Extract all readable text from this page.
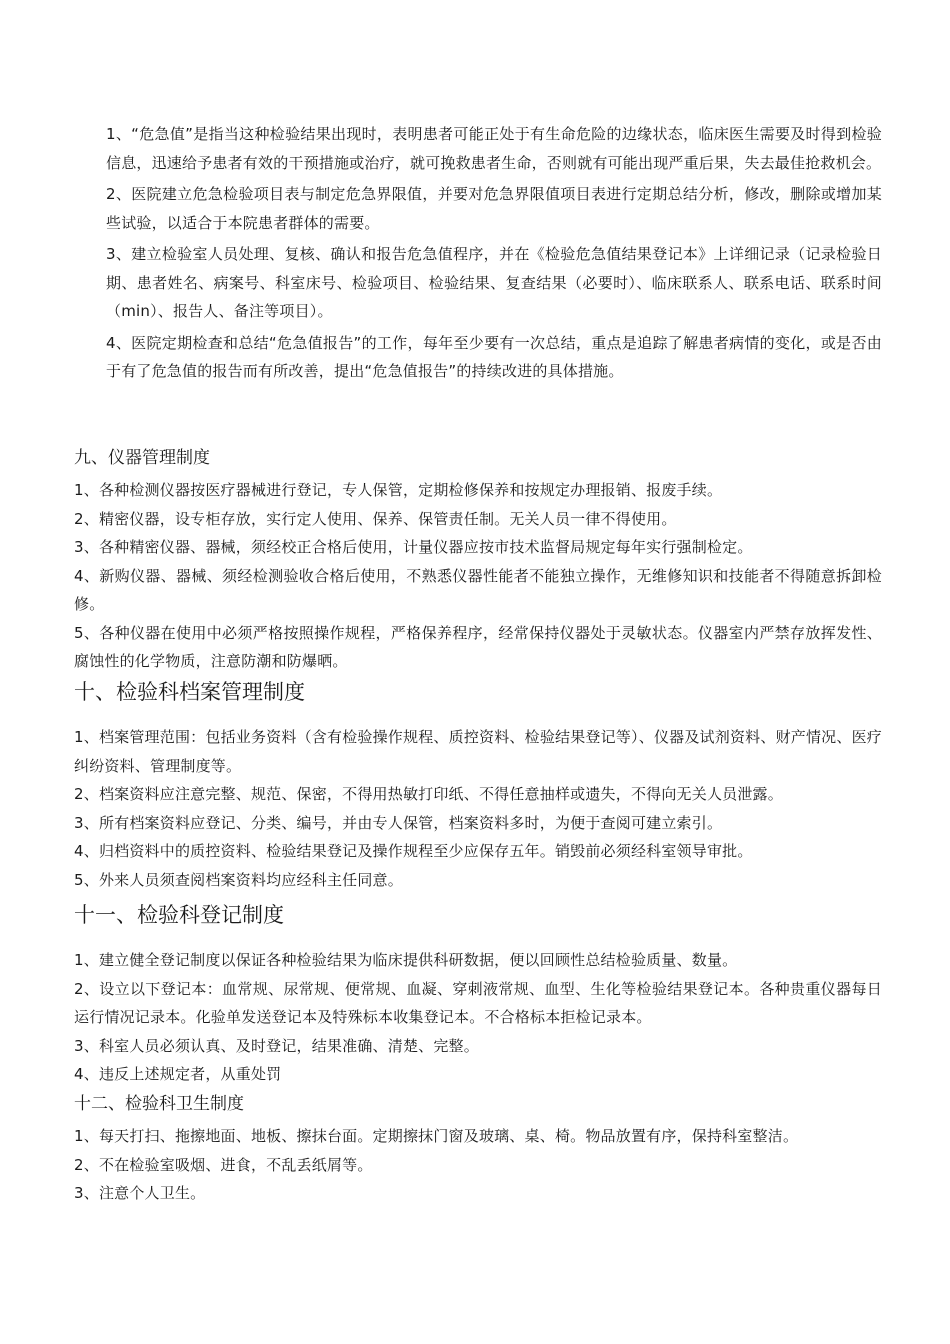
1、“危急值”是指当这种检验结果出现时，表明患者可能正处于有生命危险的边缘状态，临床医生需要及时得到检验信息，迅速给予患者有效的干预措施或治疗，就可挽救患者生命，否则就有可能出现严重后果，失去最佳抢救机会。

2、医院建立危急检验项目表与制定危急界限值，并要对危急界限值项目表进行定期总结分析，修改，删除或增加某些试验，以适合于本院患者群体的需要。

3、建立检验室人员处理、复核、确认和报告危急值程序，并在《检验危急值结果登记本》上详细记录（记录检验日期、患者姓名、病案号、科室床号、检验项目、检验结果、复查结果（必要时）、临床联系人、联系电话、联系时间（min）、报告人、备注等项目）。

4、医院定期检查和总结“危急值报告”的工作，每年至少要有一次总结，重点是追踪了解患者病情的变化，或是否由于有了危急值的报告而有所改善，提出“危急值报告”的持续改进的具体措施。

九、仪器管理制度

1、各种检测仪器按医疗器械进行登记，专人保管，定期检修保养和按规定办理报销、报废手续。

2、精密仪器，设专柜存放，实行定人使用、保养、保管责任制。无关人员一律不得使用。

3、各种精密仪器、器械，须经校正合格后使用，计量仪器应按市技术监督局规定每年实行强制检定。

4、新购仪器、器械、须经检测验收合格后使用，不熟悉仪器性能者不能独立操作，无维修知识和技能者不得随意拆卸检修。

5、各种仪器在使用中必须严格按照操作规程，严格保养程序，经常保持仪器处于灵敏状态。仪器室内严禁存放挥发性、腐蚀性的化学物质，注意防潮和防爆晒。

十、检验科档案管理制度

1、档案管理范围：包括业务资料（含有检验操作规程、质控资料、检验结果登记等）、仪器及试剂资料、财产情况、医疗纠纷资料、管理制度等。

2、档案资料应注意完整、规范、保密，不得用热敏打印纸、不得任意抽样或遗失，不得向无关人员泄露。

3、所有档案资料应登记、分类、编号，并由专人保管，档案资料多时，为便于查阅可建立索引。

4、归档资料中的质控资料、检验结果登记及操作规程至少应保存五年。销毁前必须经科室领导审批。

5、外来人员须查阅档案资料均应经科主任同意。

十一、检验科登记制度

1、建立健全登记制度以保证各种检验结果为临床提供科研数据，便以回顾性总结检验质量、数量。

2、设立以下登记本：血常规、尿常规、便常规、血凝、穿刺液常规、血型、生化等检验结果登记本。各种贵重仪器每日运行情况记录本。化验单发送登记本及特殊标本收集登记本。不合格标本拒检记录本。

3、科室人员必须认真、及时登记，结果准确、清楚、完整。

4、违反上述规定者，从重处罚

十二、检验科卫生制度

1、每天打扫、拖擦地面、地板、擦抹台面。定期擦抹门窗及玻璃、桌、椅。物品放置有序，保持科室整洁。

2、不在检验室吸烟、进食，不乱丢纸屑等。

3、注意个人卫生。
